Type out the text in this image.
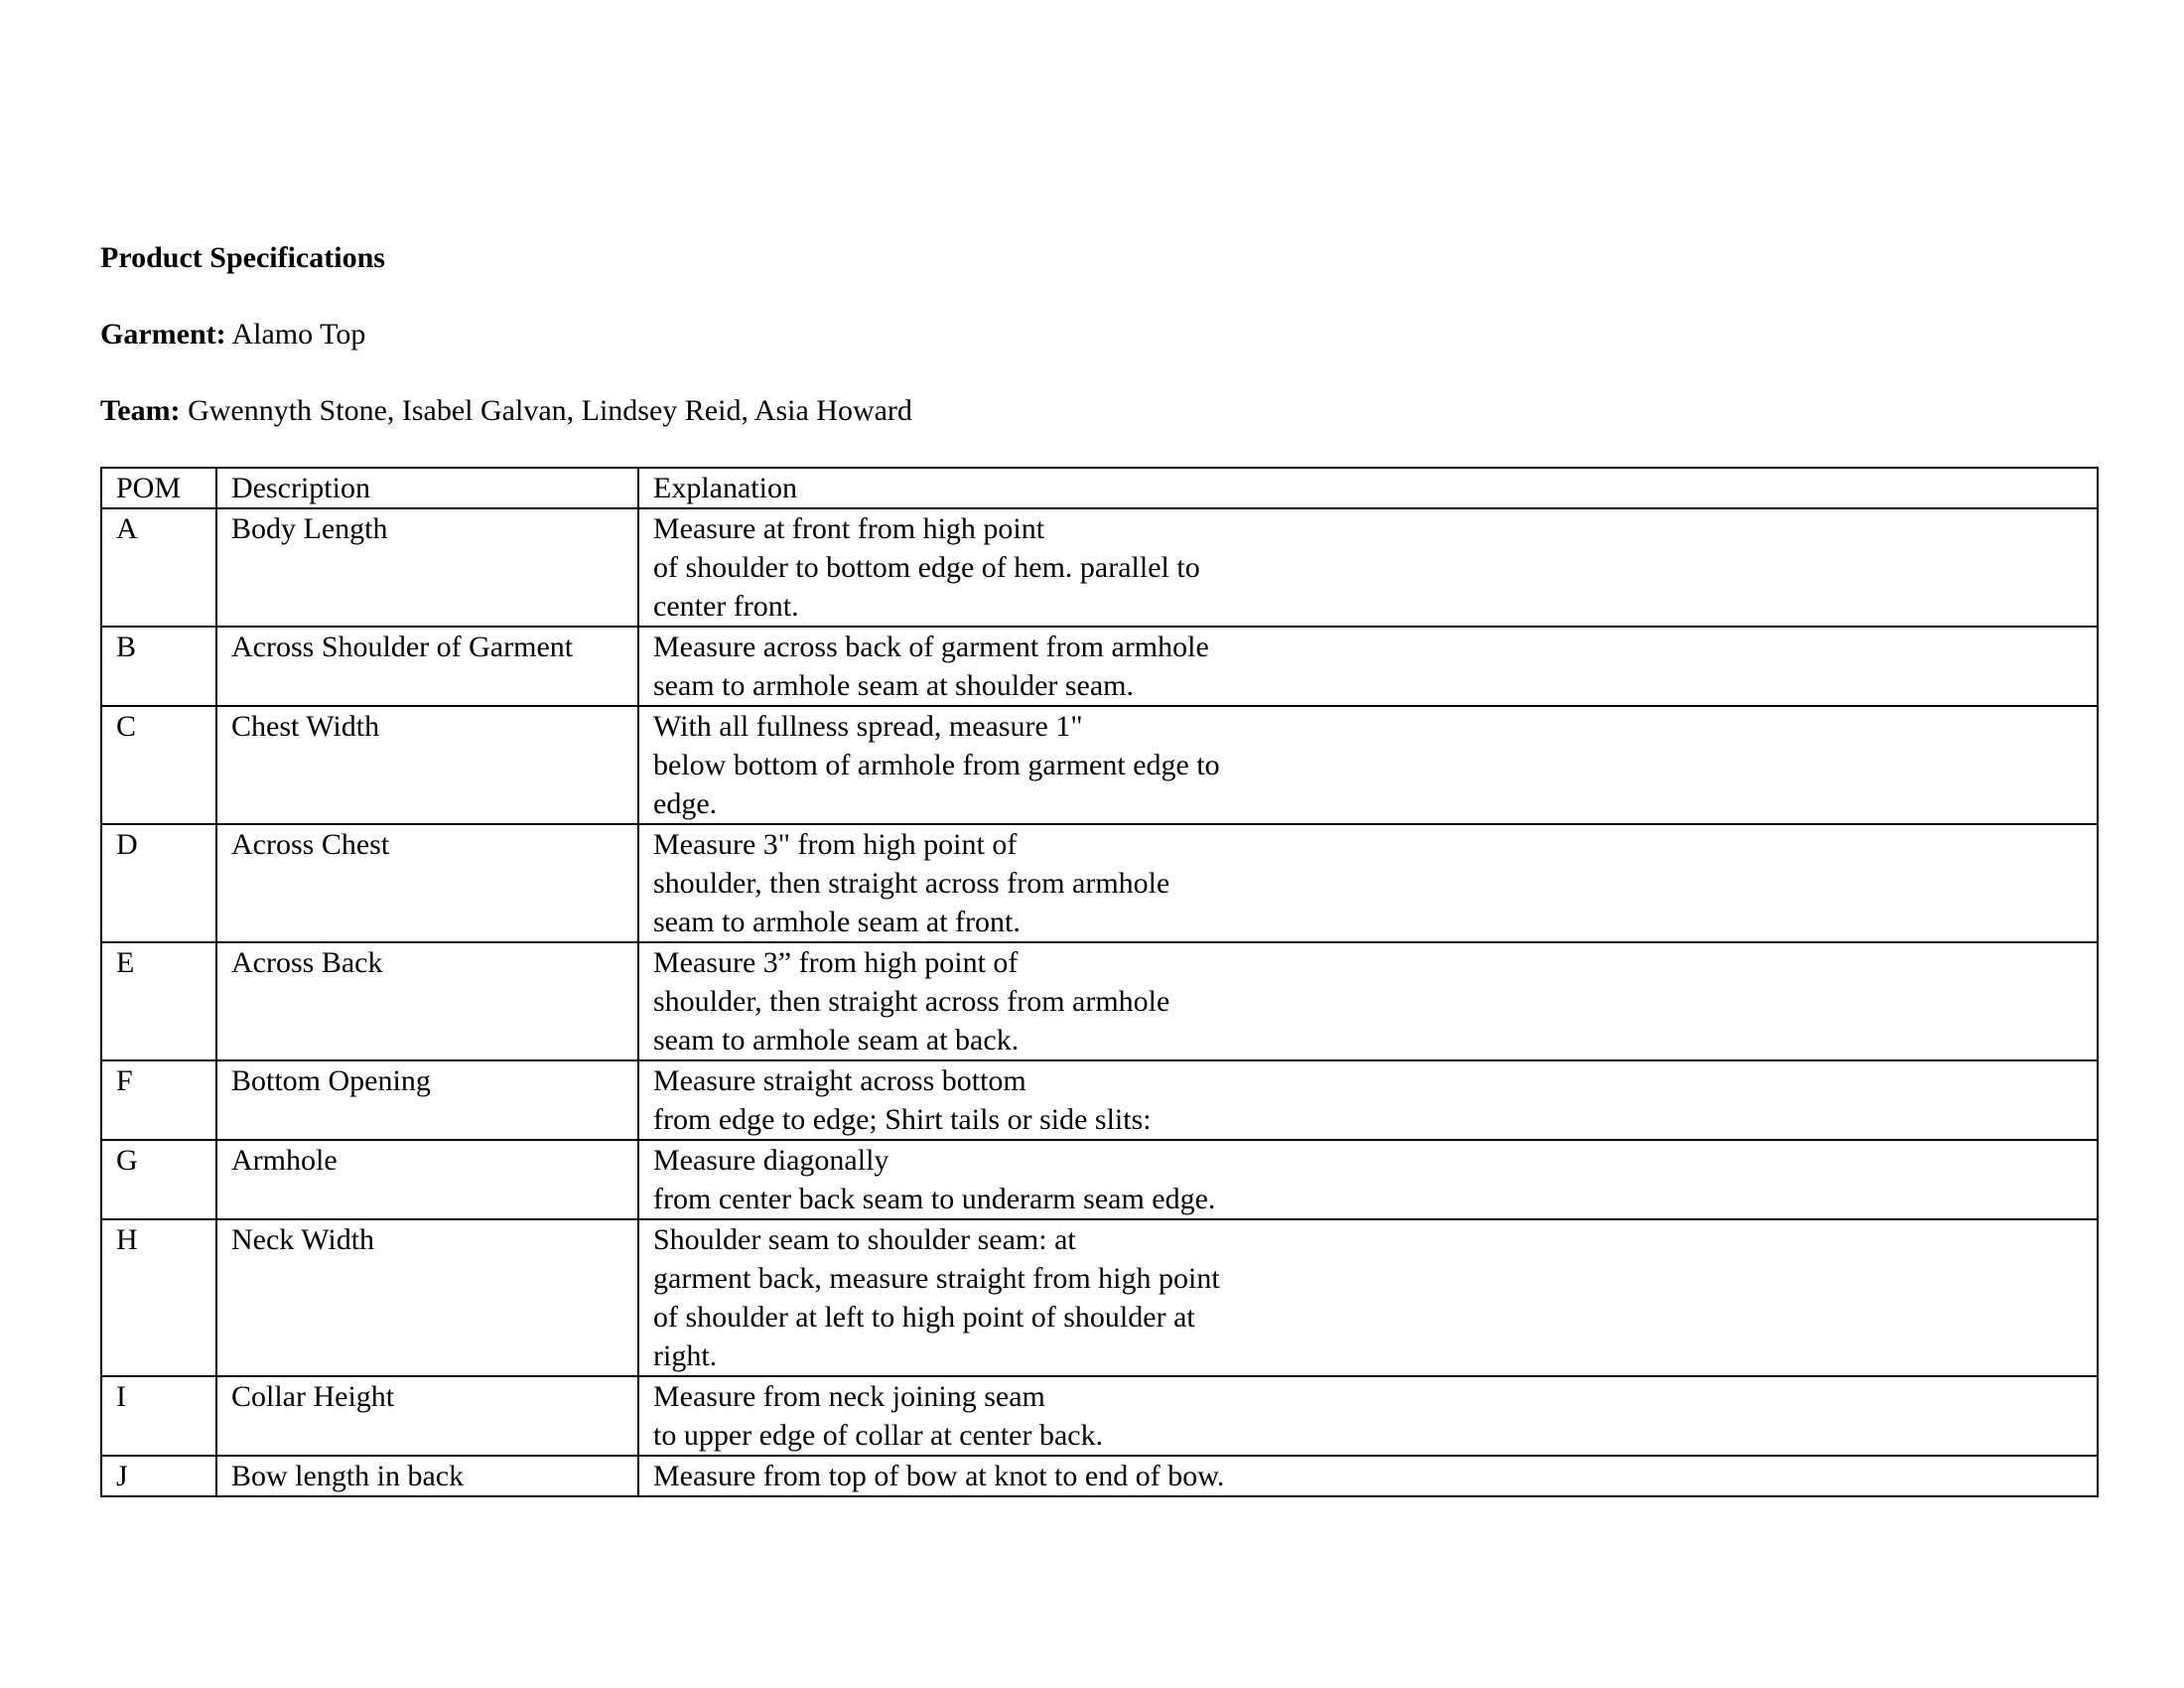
Product Specifications
Garment: Alamo Top
Team: Gwennyth Stone, Isabel Galvan, Lindsey Reid, Asia Howard
POM	Description	Explanation
A	Body Length	Measure at front from high point
of shoulder to bottom edge of hem. parallel to
center front.

B	Across Shoulder of Garment	Measure across back of garment from armhole
seam to armhole seam at shoulder seam.

C	Chest Width	With all fullness spread, measure 1"
below bottom of armhole from garment edge to
edge.

D	Across Chest	Measure 3" from high point of
shoulder, then straight across from armhole
seam to armhole seam at front.

E	Across Back	Measure 3” from high point of
shoulder, then straight across from armhole
seam to armhole seam at back.

F	Bottom Opening	Measure straight across bottom
from edge to edge; Shirt tails or side slits:

G	Armhole	Measure diagonally
from center back seam to underarm seam edge.

H	Neck Width	Shoulder seam to shoulder seam: at
garment back, measure straight from high point
of shoulder at left to high point of shoulder at
right.

I	Collar Height	Measure from neck joining seam
to upper edge of collar at center back.

J	Bow length in back	Measure from top of bow at knot to end of bow.
